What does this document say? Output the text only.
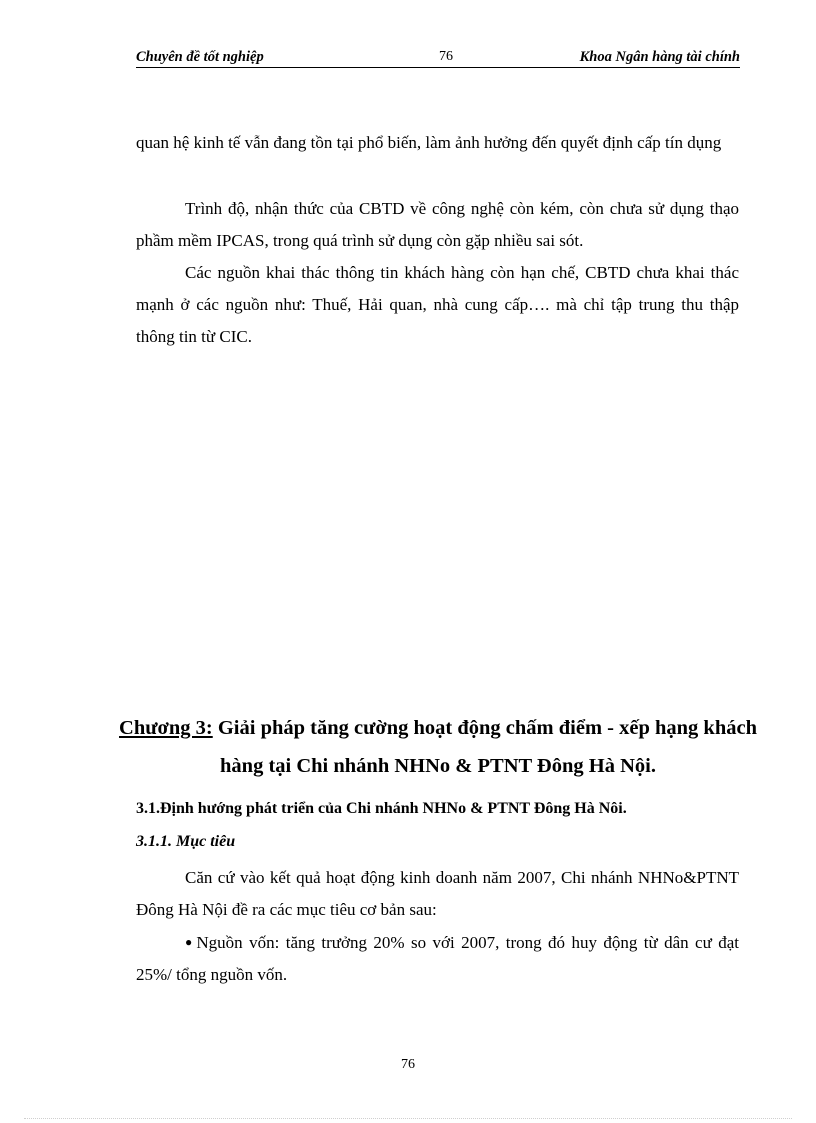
Chuyên đề tốt nghiệp	76	Khoa Ngân hàng tài chính

quan hệ kinh tế vẫn đang tồn tại phổ biến, làm ảnh hưởng đến quyết định cấp tín dụng

Trình độ, nhận thức của CBTD về công nghệ còn kém, còn chưa sử dụng thạo phầm mềm IPCAS, trong quá trình sử dụng còn gặp nhiều sai sót.

Các nguồn khai thác thông tin khách hàng còn hạn chế, CBTD chưa khai thác mạnh ở các nguồn như: Thuế, Hải quan, nhà cung cấp…. mà chỉ tập trung thu thập thông tin từ CIC.

Chương 3: Giải pháp tăng cường hoạt động chấm điểm - xếp hạng khách hàng tại Chi nhánh NHNo & PTNT Đông Hà Nội.

3.1.Định hướng phát triển của Chi nhánh NHNo & PTNT Đông Hà Nôi.

3.1.1. Mục tiêu

Căn cứ vào kết quả hoạt động kinh doanh năm 2007, Chi nhánh NHNo&PTNT Đông Hà Nội đề ra các mục tiêu cơ bản sau:

● Nguồn vốn: tăng trưởng 20% so với 2007, trong đó huy động từ dân cư đạt 25%/ tổng nguồn vốn.

76
